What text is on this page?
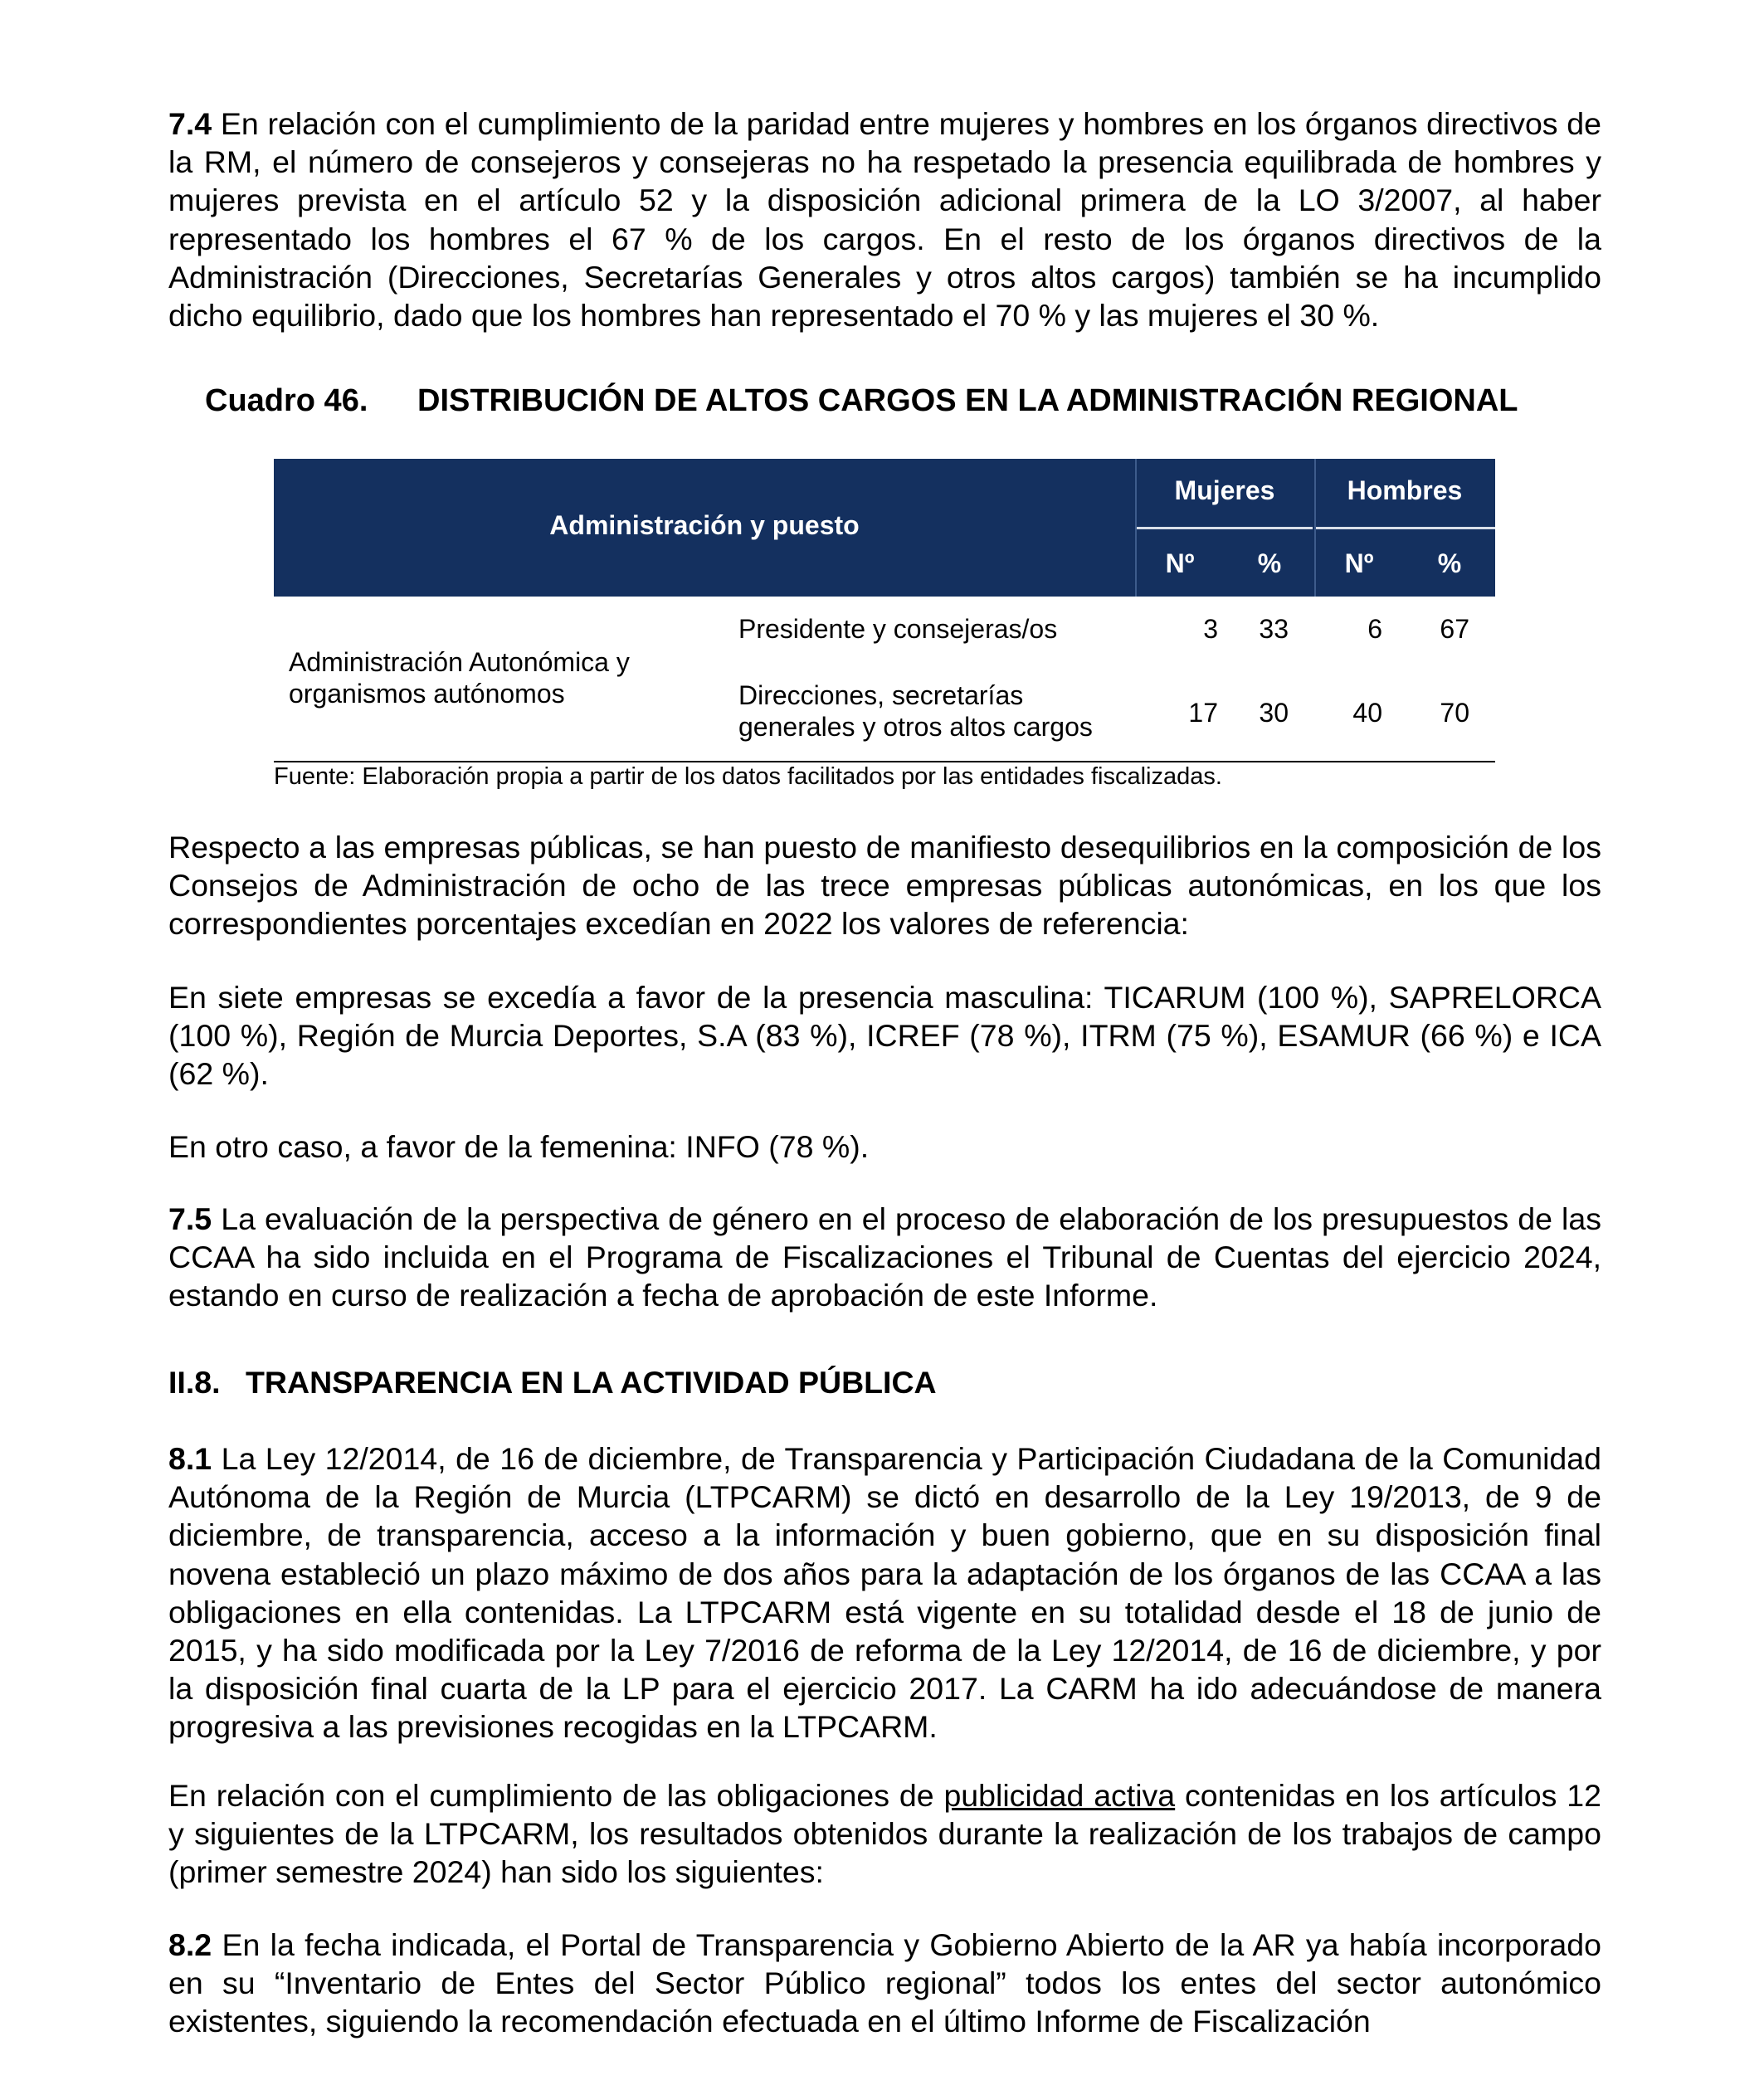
7.4 En relación con el cumplimiento de la paridad entre mujeres y hombres en los órganos directivos de la RM, el número de consejeros y consejeras no ha respetado la presencia equilibrada de hombres y mujeres prevista en el artículo 52 y la disposición adicional primera de la LO 3/2007, al haber representado los hombres el 67 % de los cargos. En el resto de los órganos directivos de la Administración (Direcciones, Secretarías Generales y otros altos cargos) también se ha incumplido dicho equilibrio, dado que los hombres han representado el 70 % y las mujeres el 30 %.

Cuadro 46. DISTRIBUCIÓN DE ALTOS CARGOS EN LA ADMINISTRACIÓN REGIONAL

Administración y puesto
Mujeres	Hombres
Nº	%	Nº	%
Administración Autonómica y
organismos autónomos
Presidente y consejeras/os	3	33	6	67
Direcciones, secretarías
generales y otros altos cargos	17	30	40	70
Fuente: Elaboración propia a partir de los datos facilitados por las entidades fiscalizadas.

Respecto a las empresas públicas, se han puesto de manifiesto desequilibrios en la composición de los Consejos de Administración de ocho de las trece empresas públicas autonómicas, en los que los correspondientes porcentajes excedían en 2022 los valores de referencia:

En siete empresas se excedía a favor de la presencia masculina: TICARUM (100 %), SAPRELORCA (100 %), Región de Murcia Deportes, S.A (83 %), ICREF (78 %), ITRM (75 %), ESAMUR (66 %) e ICA (62 %).

En otro caso, a favor de la femenina: INFO (78 %).

7.5 La evaluación de la perspectiva de género en el proceso de elaboración de los presupuestos de las CCAA ha sido incluida en el Programa de Fiscalizaciones el Tribunal de Cuentas del ejercicio 2024, estando en curso de realización a fecha de aprobación de este Informe.

II.8. TRANSPARENCIA EN LA ACTIVIDAD PÚBLICA

8.1 La Ley 12/2014, de 16 de diciembre, de Transparencia y Participación Ciudadana de la Comunidad Autónoma de la Región de Murcia (LTPCARM) se dictó en desarrollo de la Ley 19/2013, de 9 de diciembre, de transparencia, acceso a la información y buen gobierno, que en su disposición final novena estableció un plazo máximo de dos años para la adaptación de los órganos de las CCAA a las obligaciones en ella contenidas. La LTPCARM está vigente en su totalidad desde el 18 de junio de 2015, y ha sido modificada por la Ley 7/2016 de reforma de la Ley 12/2014, de 16 de diciembre, y por la disposición final cuarta de la LP para el ejercicio 2017. La CARM ha ido adecuándose de manera progresiva a las previsiones recogidas en la LTPCARM.

En relación con el cumplimiento de las obligaciones de publicidad activa contenidas en los artículos 12 y siguientes de la LTPCARM, los resultados obtenidos durante la realización de los trabajos de campo (primer semestre 2024) han sido los siguientes:

8.2 En la fecha indicada, el Portal de Transparencia y Gobierno Abierto de la AR ya había incorporado en su “Inventario de Entes del Sector Público regional” todos los entes del sector autonómico existentes, siguiendo la recomendación efectuada en el último Informe de Fiscalización
